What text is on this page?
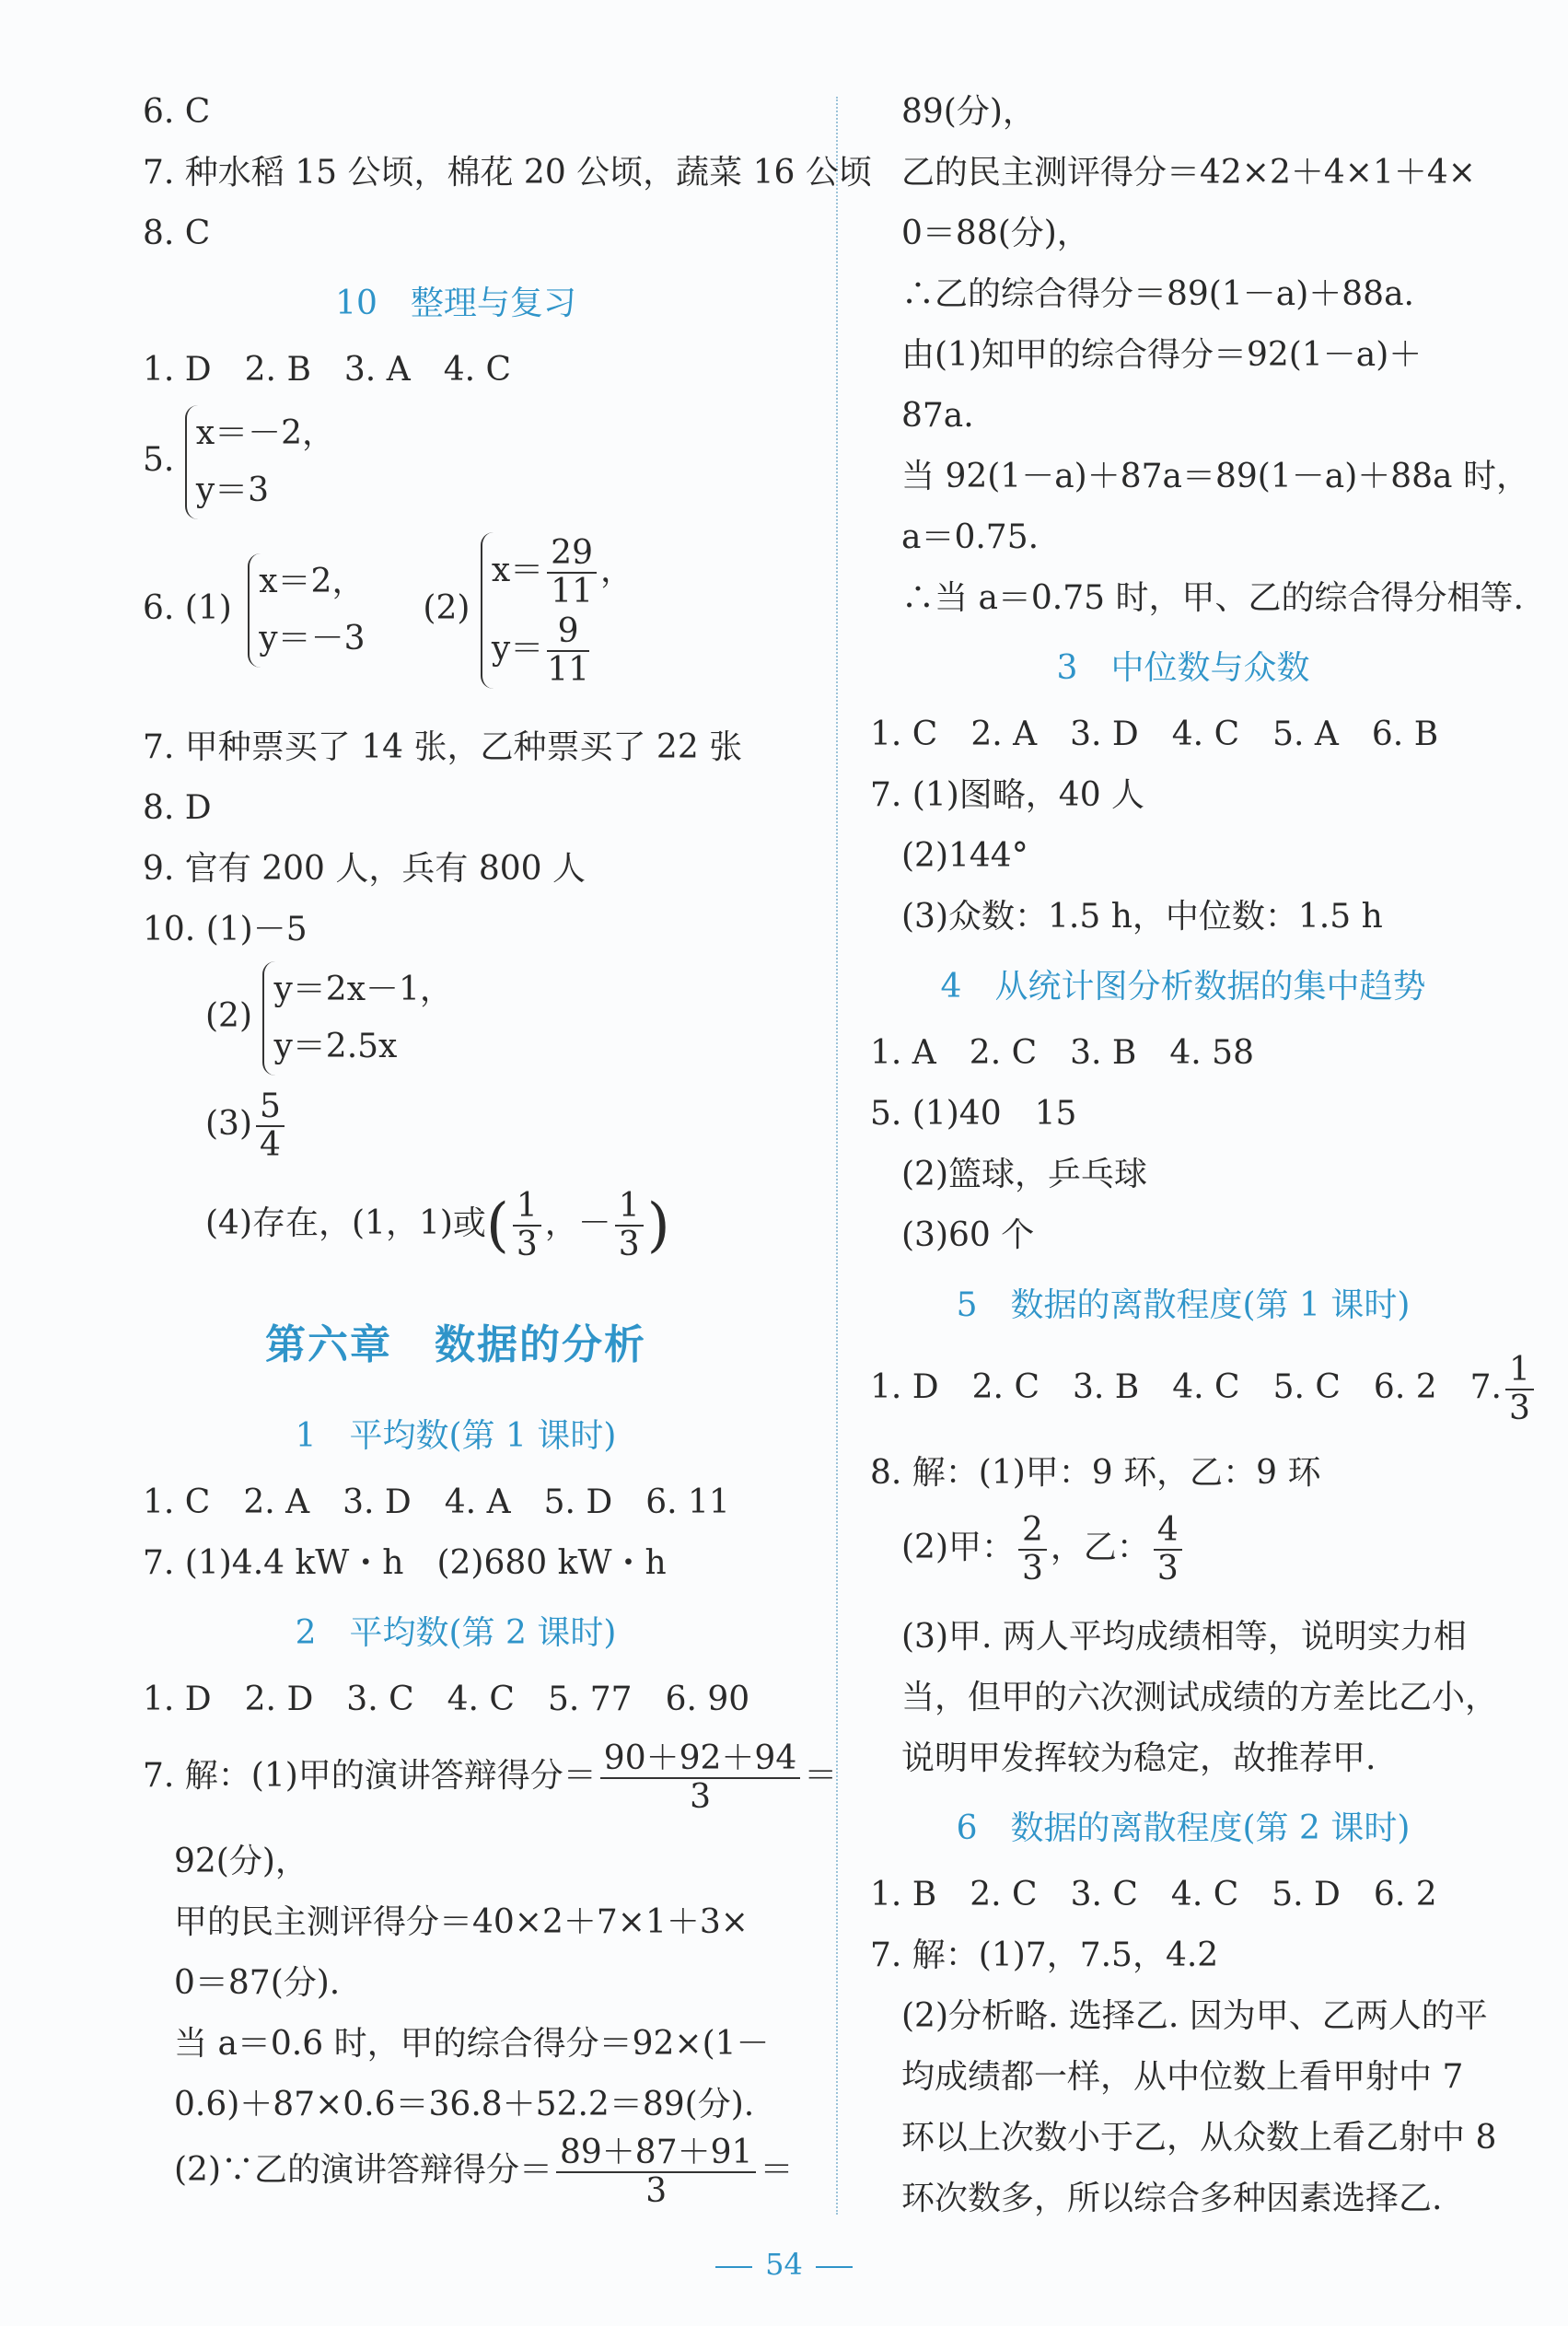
6. C
7. 种水稻 15 公顷，棉花 20 公顷，蔬菜 16 公顷
8. C
10　整理与复习
1. D　2. B　3. A　4. C
5.
x＝－2，
y＝3
6. (1)
x＝2，
y＝－3
(2)
$x= \frac{29}{11}$ ，
$y= \frac{9}{11}$
7. 甲种票买了 14 张，乙种票买了 22 张
8. D
9. 官有 200 人，兵有 800 人
10. (1)－5
(2)
y＝2x－1，
y＝2.5x
$(3) \frac{5}{4}$
(4)存在，(1，1)或( $\frac{1}{3}$ ，－ $\frac{1}{3}$ )
第六章　数据的分析
1　平均数(第 1 课时)
1. C　2. A　3. D　4. A　5. D　6. 11
7. (1)4.4 kW・h　(2)680 kW・h
2　平均数(第 2 课时)
1. D　2. D　3. C　4. C　5. 77　6. 90
7. 解：(1)甲的演讲答辩得分＝ $\frac{90+92+94}{3}$ ＝
92(分)，
甲的民主测评得分＝40×2＋7×1＋3×
0＝87(分).
当 a＝0.6 时，甲的综合得分＝92×(1－
0.6)＋87×0.6＝36.8＋52.2＝89(分).
(2)∵乙的演讲答辩得分＝ $\frac{89+87+91}{3}$ ＝
89(分)，
乙的民主测评得分＝42×2＋4×1＋4×
0＝88(分)，
∴乙的综合得分＝89(1－a)＋88a.
由(1)知甲的综合得分＝92(1－a)＋
87a.
当 92(1－a)＋87a＝89(1－a)＋88a 时，
a＝0.75.
∴当 a＝0.75 时，甲、乙的综合得分相等.
3　中位数与众数
1. C　2. A　3. D　4. C　5. A　6. B
7. (1)图略，40 人
(2)144°
(3)众数：1.5 h，中位数：1.5 h
4　从统计图分析数据的集中趋势
1. A　2. C　3. B　4. 58
5. (1)40　15
(2)篮球，乒乓球
(3)60 个
5　数据的离散程度(第 1 课时)
1. D　2. C　3. B　4. C　5. C　6. 2　7. $\frac{1}{3}$
8. 解：(1)甲：9 环，乙：9 环
(2)甲： $\frac{2}{3}$ ，乙： $\frac{4}{3}$
(3)甲. 两人平均成绩相等，说明实力相
当，但甲的六次测试成绩的方差比乙小，
说明甲发挥较为稳定，故推荐甲.
6　数据的离散程度(第 2 课时)
1. B　2. C　3. C　4. C　5. D　6. 2
7. 解：(1)7，7.5，4.2
(2)分析略. 选择乙. 因为甲、乙两人的平
均成绩都一样，从中位数上看甲射中 7
环以上次数小于乙，从众数上看乙射中 8
环次数多，所以综合多种因素选择乙.
54
